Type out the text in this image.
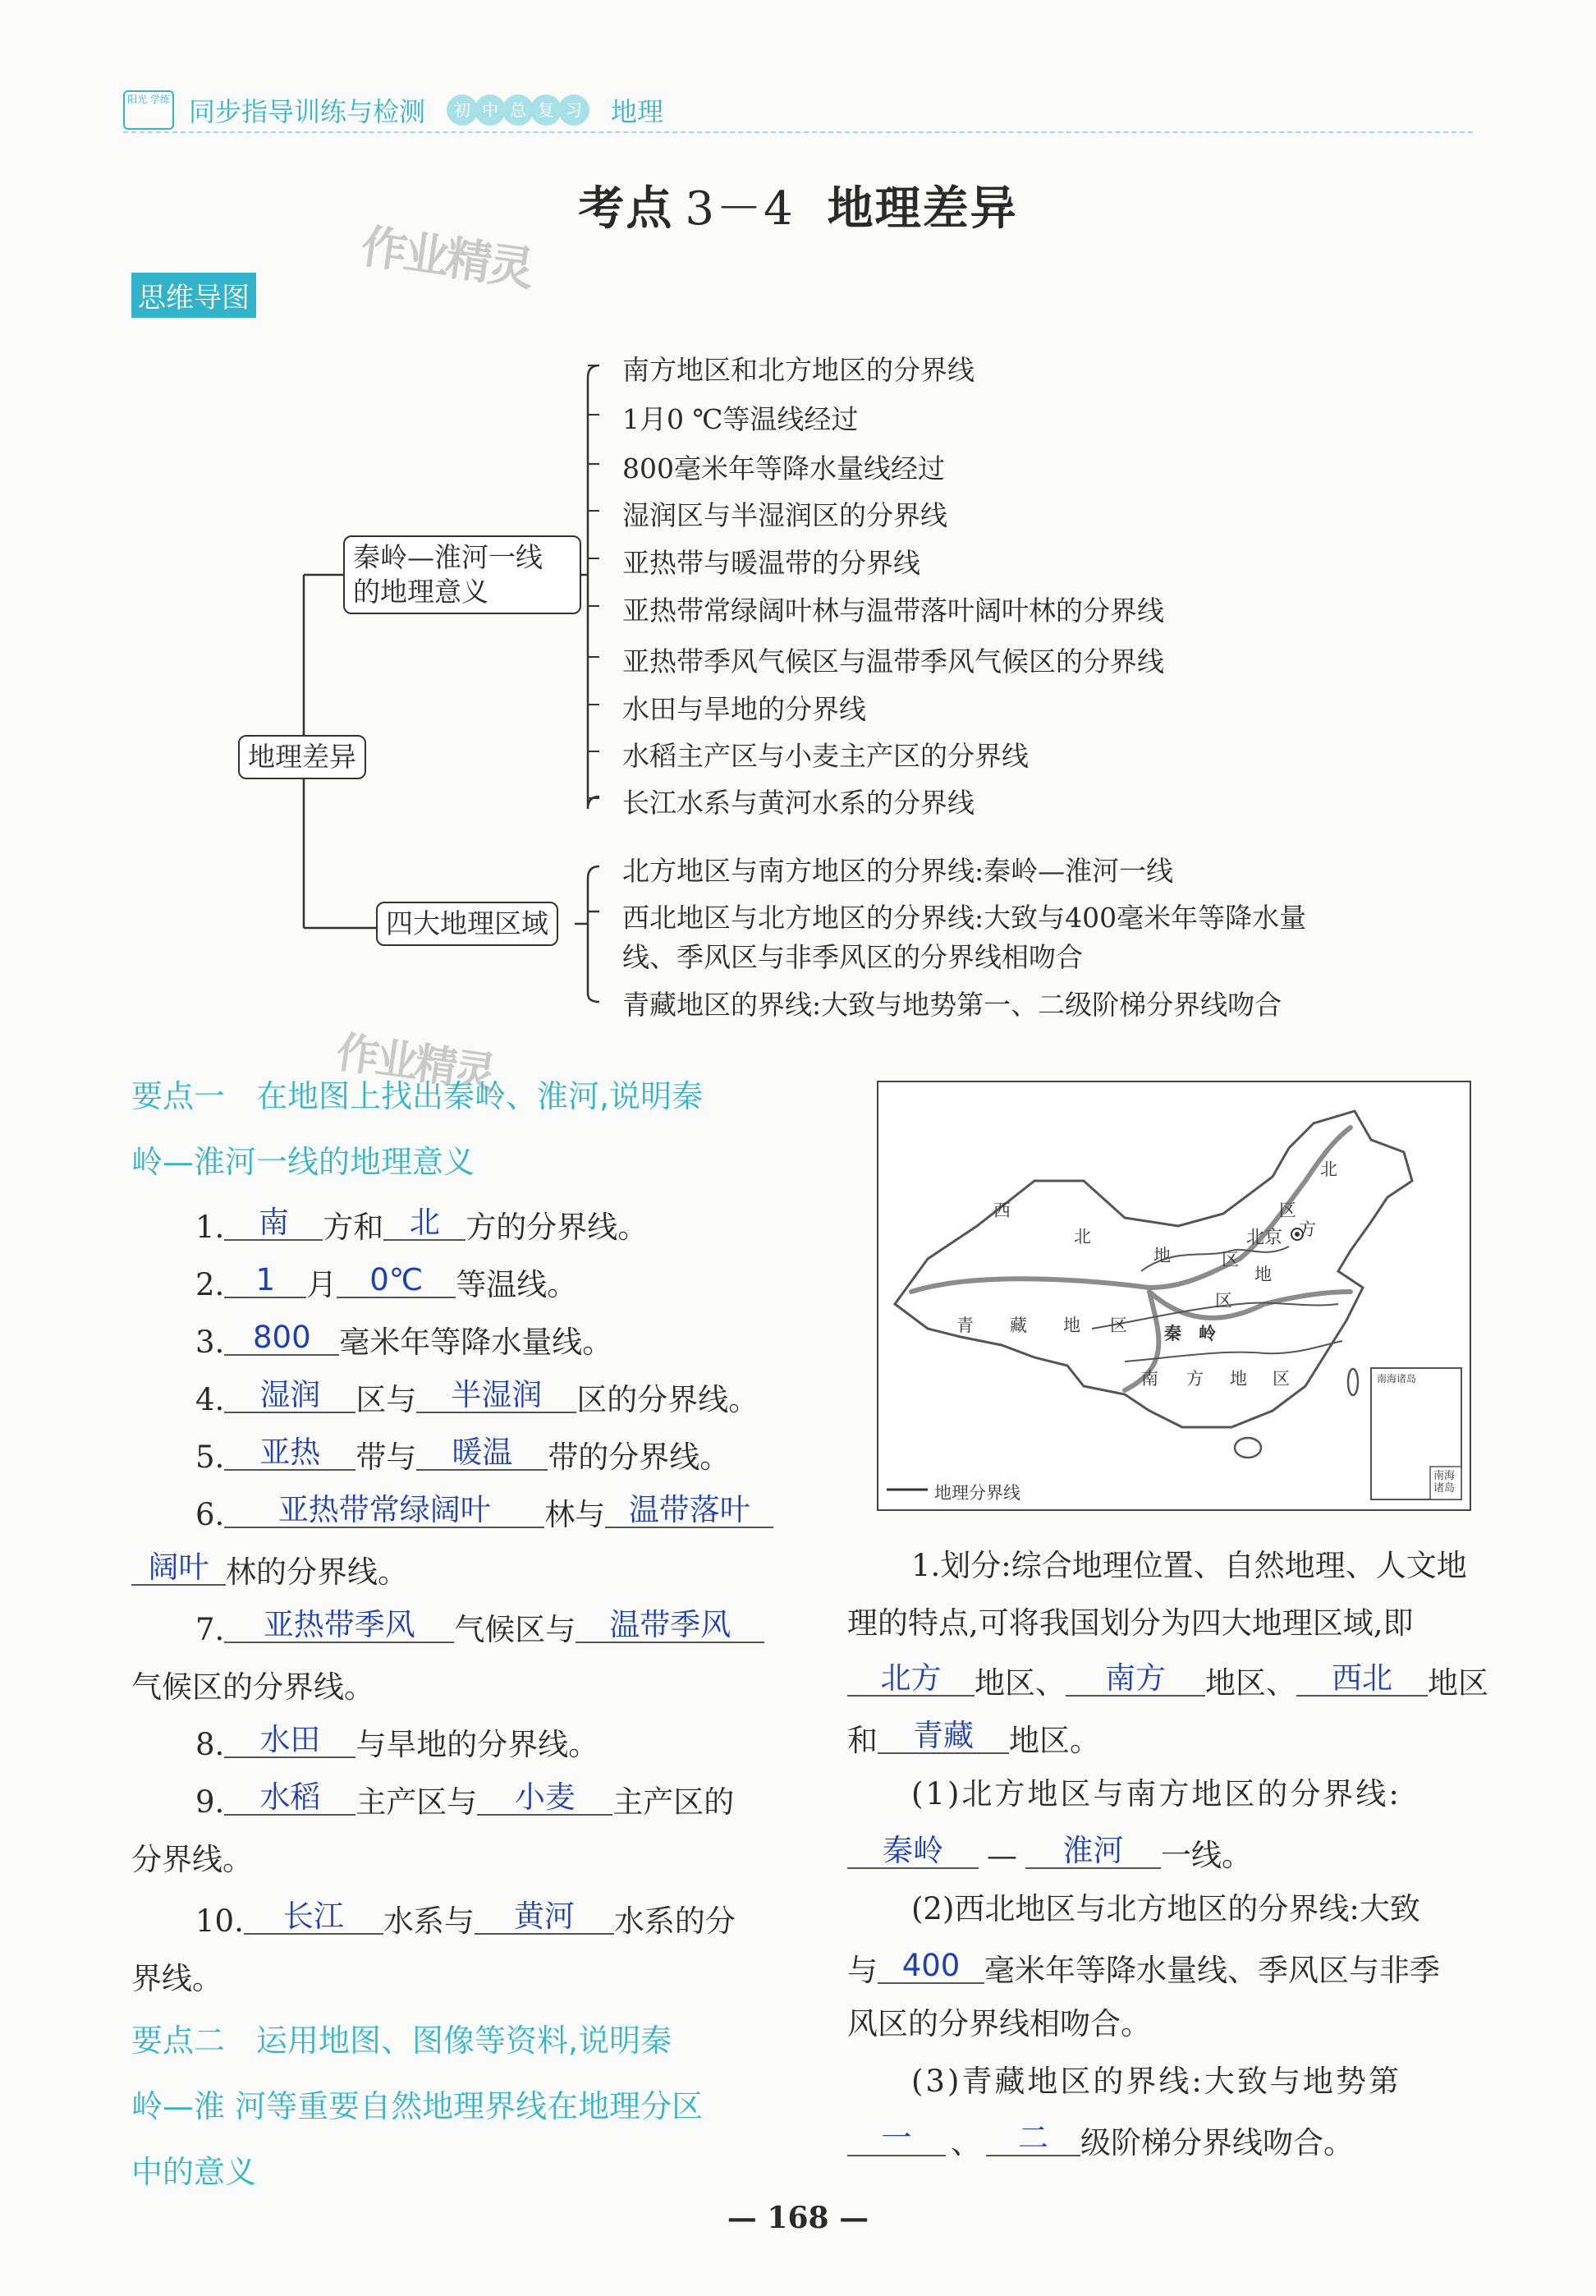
阳光 学练 同步指导训练与检测	初 中 总 复 习 地理
考点 3－4 地理差异
作业精灵
思维导图
地理差异
秦岭—淮河一线
的地理意义
四大地理区域
南方地区和北方地区的分界线
1月0 ℃等温线经过
800毫米年等降水量线经过
湿润区与半湿润区的分界线
亚热带与暖温带的分界线
亚热带常绿阔叶林与温带落叶阔叶林的分界线
亚热带季风气候区与温带季风气候区的分界线
水田与旱地的分界线
水稻主产区与小麦主产区的分界线
长江水系与黄河水系的分界线
北方地区与南方地区的分界线:秦岭—淮河一线
西北地区与北方地区的分界线:大致与400毫米年等降水量
线、季风区与非季风区的分界线相吻合
青藏地区的界线:大致与地势第一、二级阶梯分界线吻合
作业精灵
要点一　在地图上找出秦岭、淮河,说明秦
岭—淮河一线的地理意义
1. 南 方和 北 方的分界线。
2. 1 月 0℃ 等温线。
3. 800 毫米年等降水量线。
4. 湿润 区与 半湿润 区的分界线。
5. 亚热 带与 暖温 带的分界线。
6. 亚热带常绿阔叶 林与 温带落叶
阔叶 林的分界线。
7. 亚热带季风 气候区与 温带季风
气候区的分界线。
8. 水田 与旱地的分界线。
9. 水稻 主产区与 小麦 主产区的
分界线。
10. 长江 水系与 黄河 水系的分
界线。
要点二　运用地图、图像等资料,说明秦
岭—淮 河等重要自然地理界线在地理分区
中的意义
西
北
地	区
北
区
方
地
区
北京
青 藏 地 区 秦　岭
南 方 地 区	南海诸岛
南海诸岛
地理分界线
1.划分:综合地理位置、自然地理、人文地
理的特点,可将我国划分为四大地理区域,即
北方 地区、 南方 地区、 西北 地区
和 青藏 地区。
(1)北方地区与南方地区的分界线:
秦岭 — 淮河 一线。
(2)西北地区与北方地区的分界线:大致
与 400 毫米年等降水量线、季风区与非季
风区的分界线相吻合。
(3)青藏地区的界线:大致与地势第
一 、 二 级阶梯分界线吻合。
— 168 —
